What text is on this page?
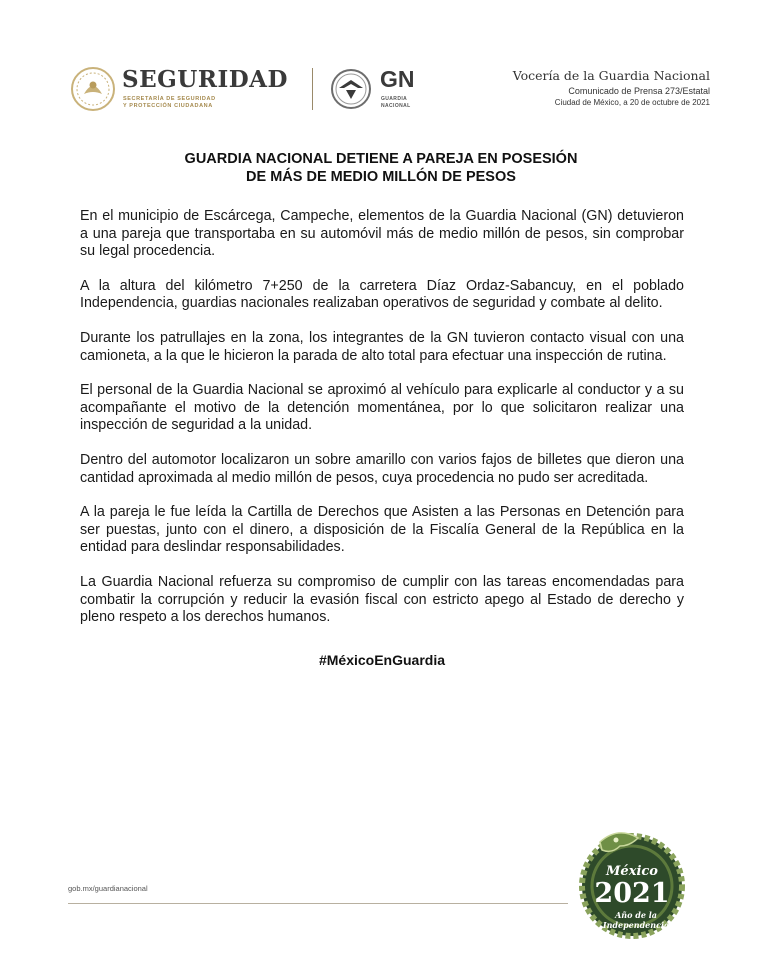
SEGURIDAD
SECRETARÍA DE SEGURIDAD
Y PROTECCIÓN CIUDADANA
GN
GUARDIA
NACIONAL
Vocería de la Guardia Nacional
Comunicado de Prensa 273/Estatal
Ciudad de México, a 20 de octubre de 2021
GUARDIA NACIONAL DETIENE A PAREJA EN POSESIÓN
DE MÁS DE MEDIO MILLÓN DE PESOS

En el municipio de Escárcega, Campeche, elementos de la Guardia Nacional (GN) detuvieron a una pareja que transportaba en su automóvil más de medio millón de pesos, sin comprobar su legal procedencia.

A la altura del kilómetro 7+250 de la carretera Díaz Ordaz-Sabancuy, en el poblado Independencia, guardias nacionales realizaban operativos de seguridad y combate al delito.

Durante los patrullajes en la zona, los integrantes de la GN tuvieron contacto visual con una camioneta, a la que le hicieron la parada de alto total para efectuar una inspección de rutina.

El personal de la Guardia Nacional se aproximó al vehículo para explicarle al conductor y a su acompañante el motivo de la detención momentánea, por lo que solicitaron realizar una inspección de seguridad a la unidad.

Dentro del automotor localizaron un sobre amarillo con varios fajos de billetes que dieron una cantidad aproximada al medio millón de pesos, cuya procedencia no pudo ser acreditada.

A la pareja le fue leída la Cartilla de Derechos que Asisten a las Personas en Detención para ser puestas, junto con el dinero, a disposición de la Fiscalía General de la República en la entidad para deslindar responsabilidades.

La Guardia Nacional refuerza su compromiso de cumplir con las tareas encomendadas para combatir la corrupción y reducir la evasión fiscal con estricto apego al Estado de derecho y pleno respeto a los derechos humanos.

#MéxicoEnGuardia
gob.mx/guardianacional
México
2021
Año de la
Independencia
